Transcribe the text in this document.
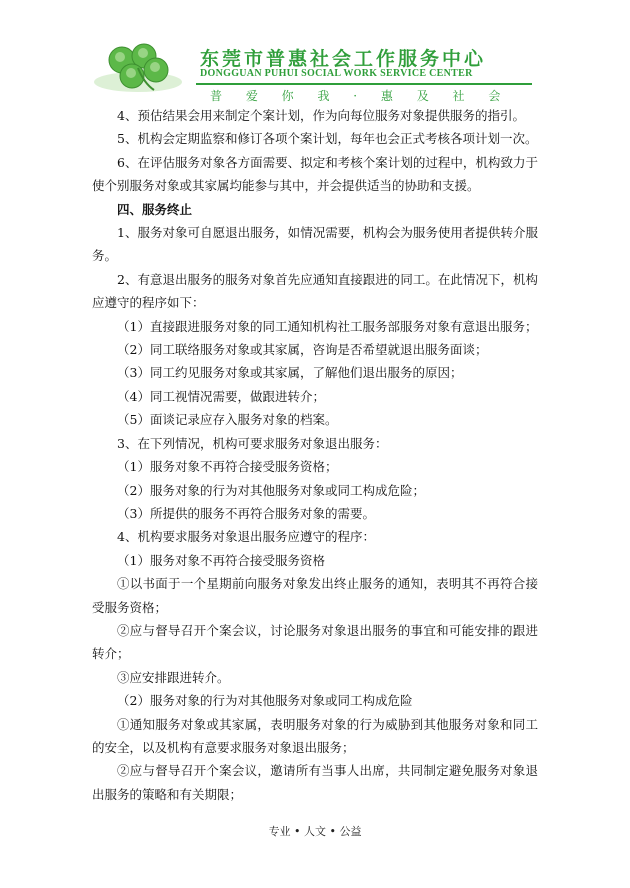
东莞市普惠社会工作服务中心
DONGGUAN PUHUI SOCIAL WORK SERVICE CENTER
普 爱 你 我 · 惠 及 社 会

4、预估结果会用来制定个案计划，作为向每位服务对象提供服务的指引。

5、机构会定期监察和修订各项个案计划，每年也会正式考核各项计划一次。

6、在评估服务对象各方面需要、拟定和考核个案计划的过程中，机构致力于使个别服务对象或其家属均能参与其中，并会提供适当的协助和支援。

四、服务终止

1、服务对象可自愿退出服务，如情况需要，机构会为服务使用者提供转介服务。

2、有意退出服务的服务对象首先应通知直接跟进的同工。在此情况下，机构应遵守的程序如下：

（1）直接跟进服务对象的同工通知机构社工服务部服务对象有意退出服务；

（2）同工联络服务对象或其家属，咨询是否希望就退出服务面谈；

（3）同工约见服务对象或其家属，了解他们退出服务的原因；

（4）同工视情况需要，做跟进转介；

（5）面谈记录应存入服务对象的档案。

3、在下列情况，机构可要求服务对象退出服务：

（1）服务对象不再符合接受服务资格；

（2）服务对象的行为对其他服务对象或同工构成危险；

（3）所提供的服务不再符合服务对象的需要。

4、机构要求服务对象退出服务应遵守的程序：

（1）服务对象不再符合接受服务资格

①以书面于一个星期前向服务对象发出终止服务的通知，表明其不再符合接受服务资格；

②应与督导召开个案会议，讨论服务对象退出服务的事宜和可能安排的跟进转介；

③应安排跟进转介。

（2）服务对象的行为对其他服务对象或同工构成危险

①通知服务对象或其家属，表明服务对象的行为威胁到其他服务对象和同工的安全，以及机构有意要求服务对象退出服务；

②应与督导召开个案会议，邀请所有当事人出席，共同制定避免服务对象退出服务的策略和有关期限；

专业 • 人文 • 公益
